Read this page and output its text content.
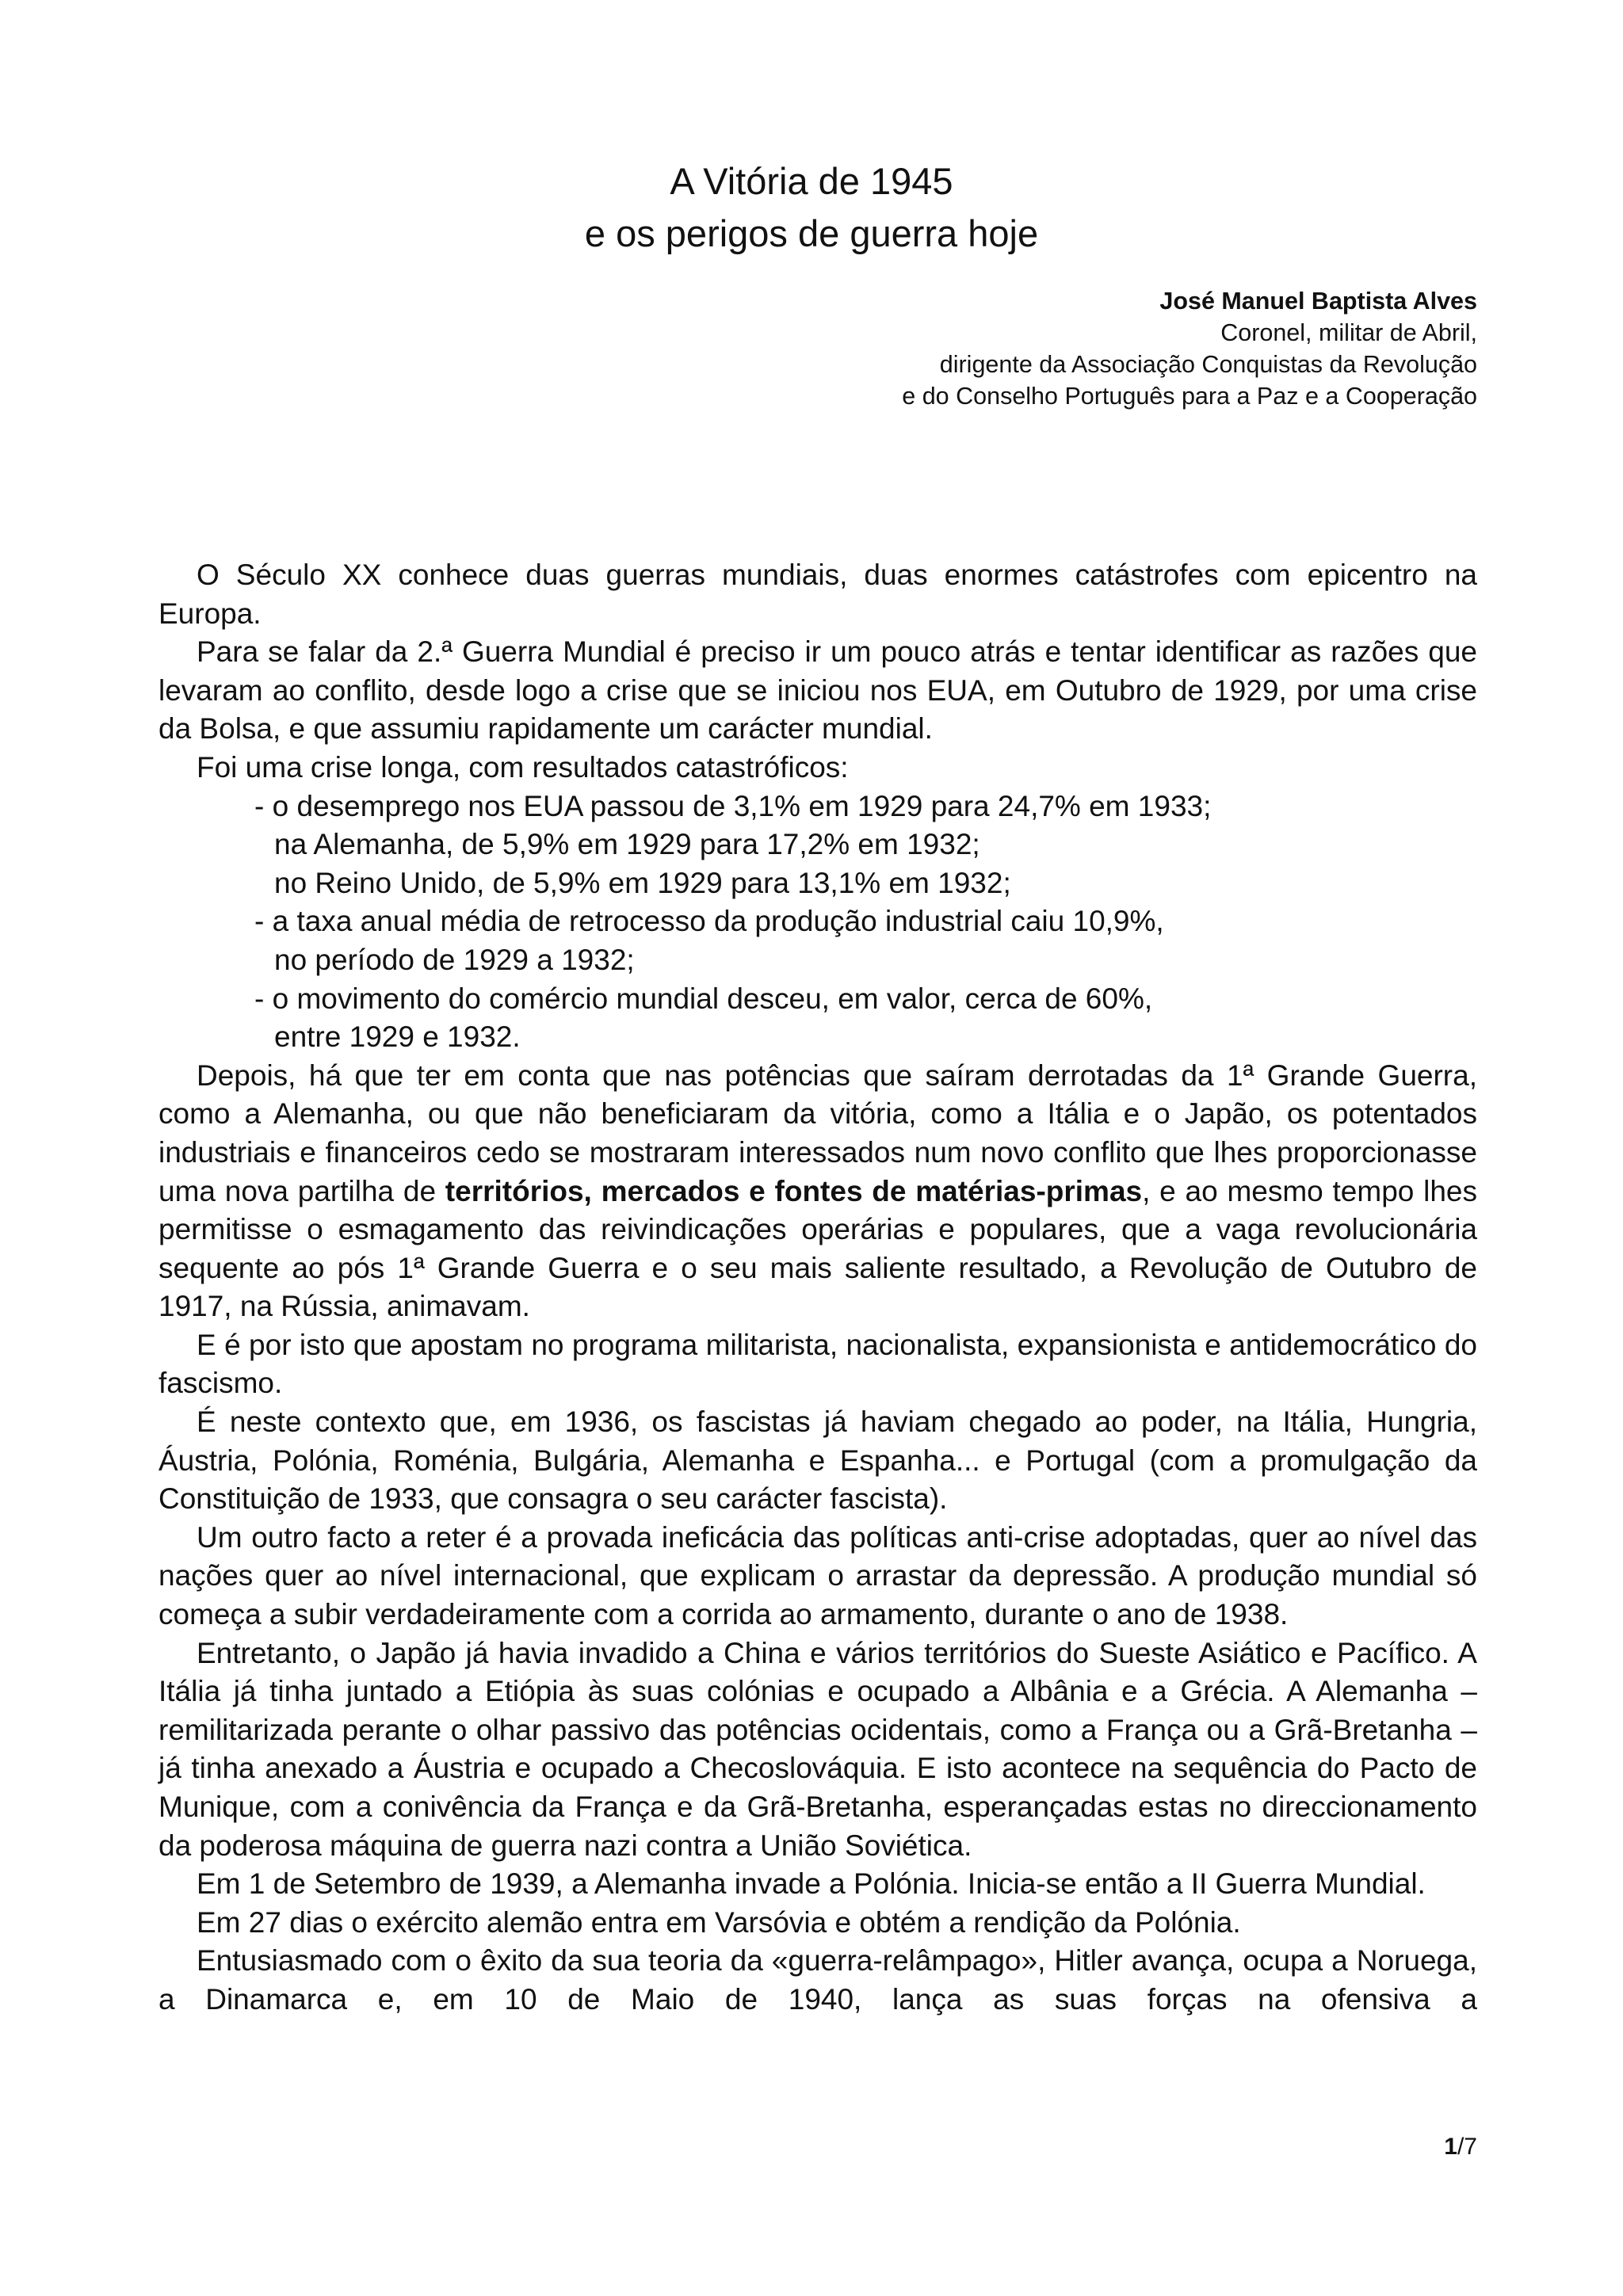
A Vitória de 1945
e os perigos de guerra hoje
José Manuel Baptista Alves
Coronel, militar de Abril,
dirigente da Associação Conquistas da Revolução
e do Conselho Português para a Paz e a Cooperação

O Século XX conhece duas guerras mundiais, duas enormes catástrofes com epicentro na Europa.

Para se falar da 2.ª Guerra Mundial é preciso ir um pouco atrás e tentar identificar as razões que levaram ao conflito, desde logo a crise que se iniciou nos EUA, em Outubro de 1929, por uma crise da Bolsa, e que assumiu rapidamente um carácter mundial.

Foi uma crise longa, com resultados catastróficos:

- o desemprego nos EUA passou de 3,1% em 1929 para 24,7% em 1933;

na Alemanha, de 5,9% em 1929 para 17,2% em 1932;

no Reino Unido, de 5,9% em 1929 para 13,1% em 1932;

- a taxa anual média de retrocesso da produção industrial caiu 10,9%,

no período de 1929 a 1932;

- o movimento do comércio mundial desceu, em valor, cerca de 60%,

entre 1929 e 1932.

Depois, há que ter em conta que nas potências que saíram derrotadas da 1ª Grande Guerra, como a Alemanha, ou que não beneficiaram da vitória, como a Itália e o Japão, os potentados industriais e financeiros cedo se mostraram interessados num novo conflito que lhes proporcionasse uma nova partilha de territórios, mercados e fontes de matérias-primas, e ao mesmo tempo lhes permitisse o esmagamento das reivindicações operárias e populares, que a vaga revolucionária sequente ao pós 1ª Grande Guerra e o seu mais saliente resultado, a Revolução de Outubro de 1917, na Rússia, animavam.

E é por isto que apostam no programa militarista, nacionalista, expansionista e antidemocrático do fascismo.

É neste contexto que, em 1936, os fascistas já haviam chegado ao poder, na Itália, Hungria, Áustria, Polónia, Roménia, Bulgária, Alemanha e Espanha... e Portugal (com a promulgação da Constituição de 1933, que consagra o seu carácter fascista).

Um outro facto a reter é a provada ineficácia das políticas anti-crise adoptadas, quer ao nível das nações quer ao nível internacional, que explicam o arrastar da depressão. A produção mundial só começa a subir verdadeiramente com a corrida ao armamento, durante o ano de 1938.

Entretanto, o Japão já havia invadido a China e vários territórios do Sueste Asiático e Pacífico. A Itália já tinha juntado a Etiópia às suas colónias e ocupado a Albânia e a Grécia. A Alemanha – remilitarizada perante o olhar passivo das potências ocidentais, como a França ou a Grã-Bretanha – já tinha anexado a Áustria e ocupado a Checoslováquia. E isto acontece na sequência do Pacto de Munique, com a conivência da França e da Grã-Bretanha, esperançadas estas no direccionamento da poderosa máquina de guerra nazi contra a União Soviética.

Em 1 de Setembro de 1939, a Alemanha invade a Polónia. Inicia-se então a II Guerra Mundial.

Em 27 dias o exército alemão entra em Varsóvia e obtém a rendição da Polónia.

Entusiasmado com o êxito da sua teoria da «guerra-relâmpago», Hitler avança, ocupa a Noruega, a Dinamarca e, em 10 de Maio de 1940, lança as suas forças na ofensiva a

1/7
